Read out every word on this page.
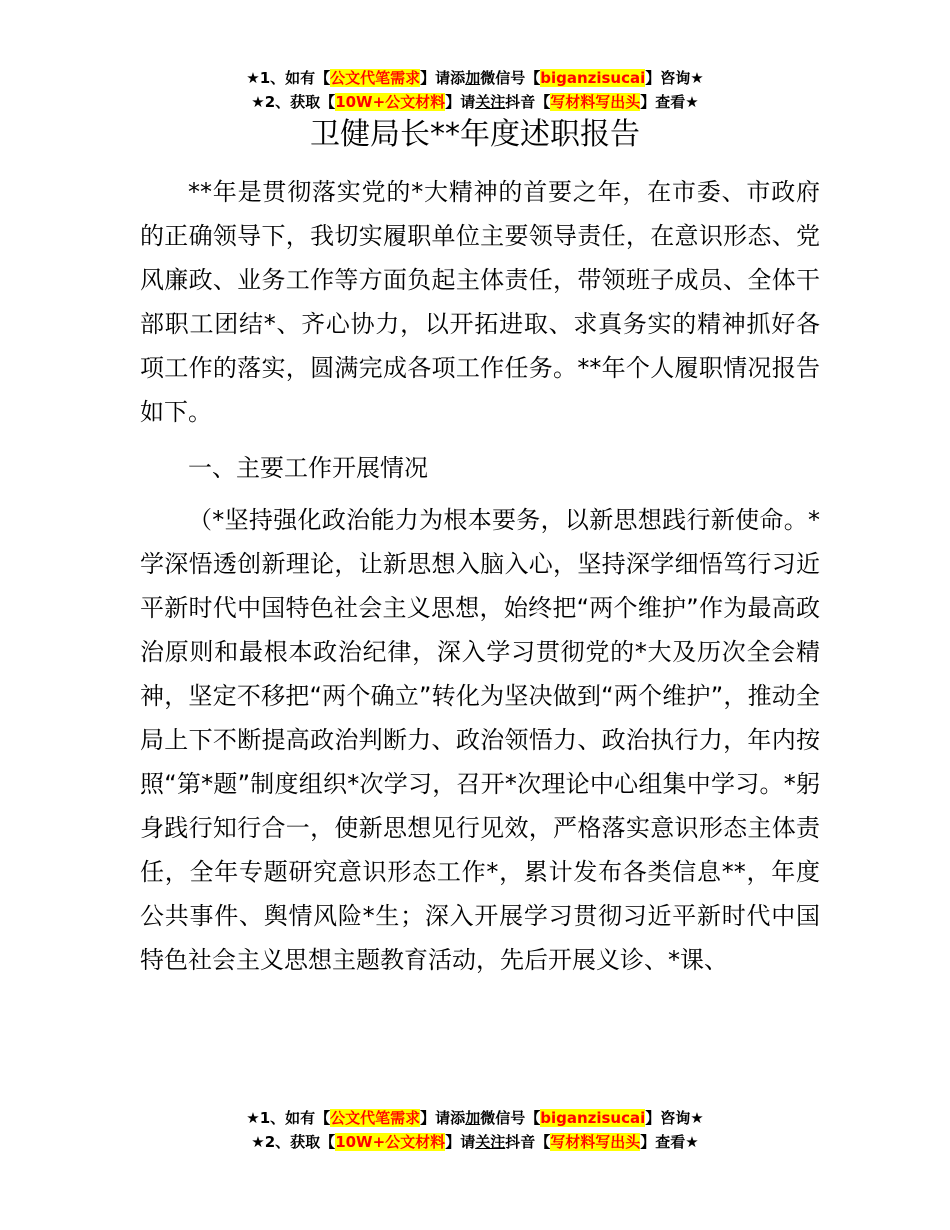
★1、如有【公文代笔需求】请添加微信号【biganzisucai】咨询★
★2、获取【10W+公文材料】请关注抖音【写材料写出头】查看★
卫健局长**年度述职报告

**年是贯彻落实党的*大精神的首要之年，在市委、市政府的正确领导下，我切实履职单位主要领导责任，在意识形态、党风廉政、业务工作等方面负起主体责任，带领班子成员、全体干部职工团结*、齐心协力，以开拓进取、求真务实的精神抓好各项工作的落实，圆满完成各项工作任务。**年个人履职情况报告如下。

一、主要工作开展情况

（*坚持强化政治能力为根本要务，以新思想践行新使命。*学深悟透创新理论，让新思想入脑入心，坚持深学细悟笃行习近平新时代中国特色社会主义思想，始终把“两个维护”作为最高政治原则和最根本政治纪律，深入学习贯彻党的*大及历次全会精神，坚定不移把“两个确立”转化为坚决做到“两个维护”，推动全局上下不断提高政治判断力、政治领悟力、政治执行力，年内按照“第*题”制度组织*次学习，召开*次理论中心组集中学习。*躬身践行知行合一，使新思想见行见效，严格落实意识形态主体责任，全年专题研究意识形态工作*，累计发布各类信息**，年度公共事件、舆情风险*生；深入开展学习贯彻习近平新时代中国特色社会主义思想主题教育活动，先后开展义诊、*课、

★1、如有【公文代笔需求】请添加微信号【biganzisucai】咨询★
★2、获取【10W+公文材料】请关注抖音【写材料写出头】查看★
